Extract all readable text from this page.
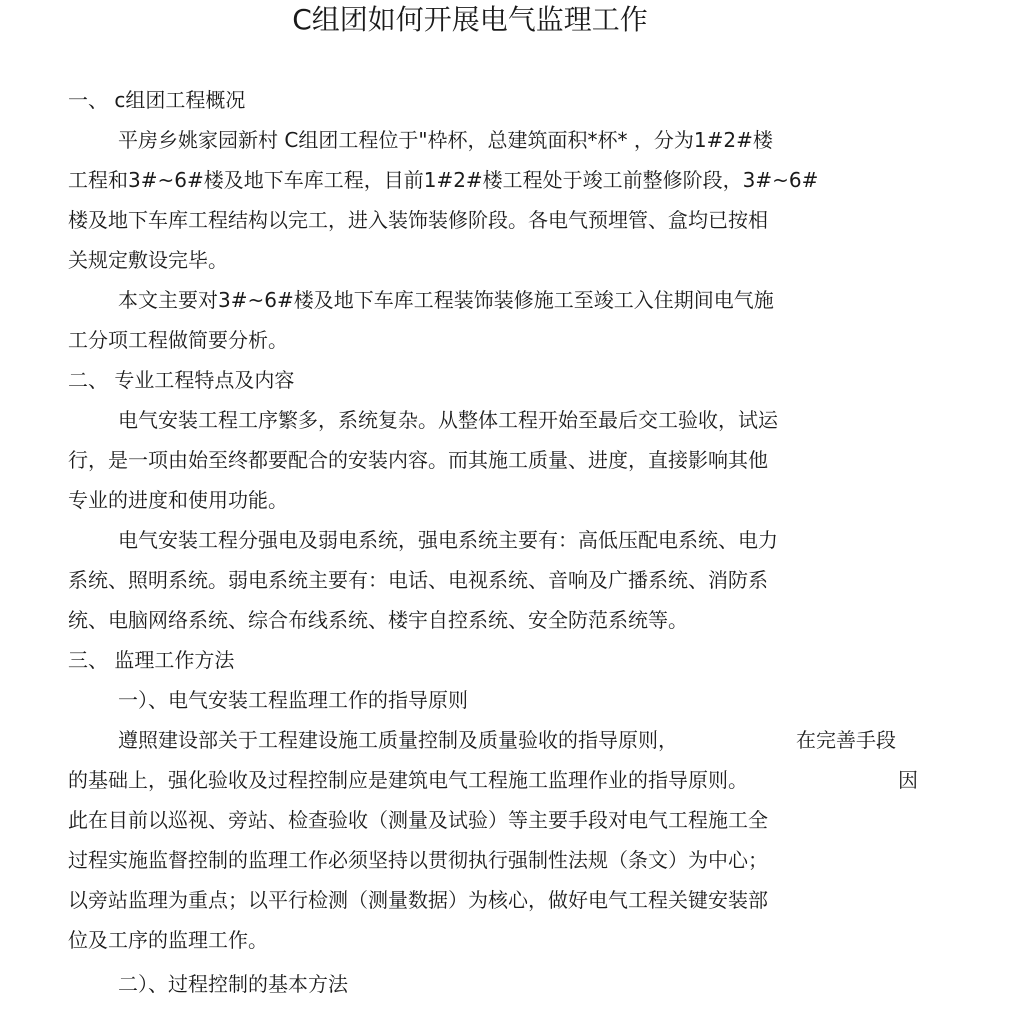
C组团如何开展电气监理工作
一、 c组团工程概况
平房乡姚家园新村 C组团工程位于"枠杯，总建筑面积*杯* ，分为1#2#楼
工程和3#~6#楼及地下车库工程，目前1#2#楼工程处于竣工前整修阶段，3#~6#
楼及地下车库工程结构以完工，进入装饰装修阶段。各电气预埋管、盒均已按相
关规定敷设完毕。
本文主要对3#~6#楼及地下车库工程装饰装修施工至竣工入住期间电气施
工分项工程做简要分析。
二、 专业工程特点及内容
电气安装工程工序繁多，系统复杂。从整体工程开始至最后交工验收，试运
行，是一项由始至终都要配合的安装内容。而其施工质量、进度，直接影响其他
专业的进度和使用功能。
电气安装工程分强电及弱电系统，强电系统主要有：高低压配电系统、电力
系统、照明系统。弱电系统主要有：电话、电视系统、音响及广播系统、消防系
统、电脑网络系统、综合布线系统、楼宇自控系统、安全防范系统等。
三、 监理工作方法
一）、电气安装工程监理工作的指导原则
遵照建设部关于工程建设施工质量控制及质量验收的指导原则，	在完善手段
的基础上，强化验收及过程控制应是建筑电气工程施工监理作业的指导原则。	因
此在目前以巡视、旁站、检查验收（测量及试验）等主要手段对电气工程施工全
过程实施监督控制的监理工作必须坚持以贯彻执行强制性法规（条文）为中心；
以旁站监理为重点；以平行检测（测量数据）为核心，做好电气工程关键安装部
位及工序的监理工作。
二）、过程控制的基本方法
